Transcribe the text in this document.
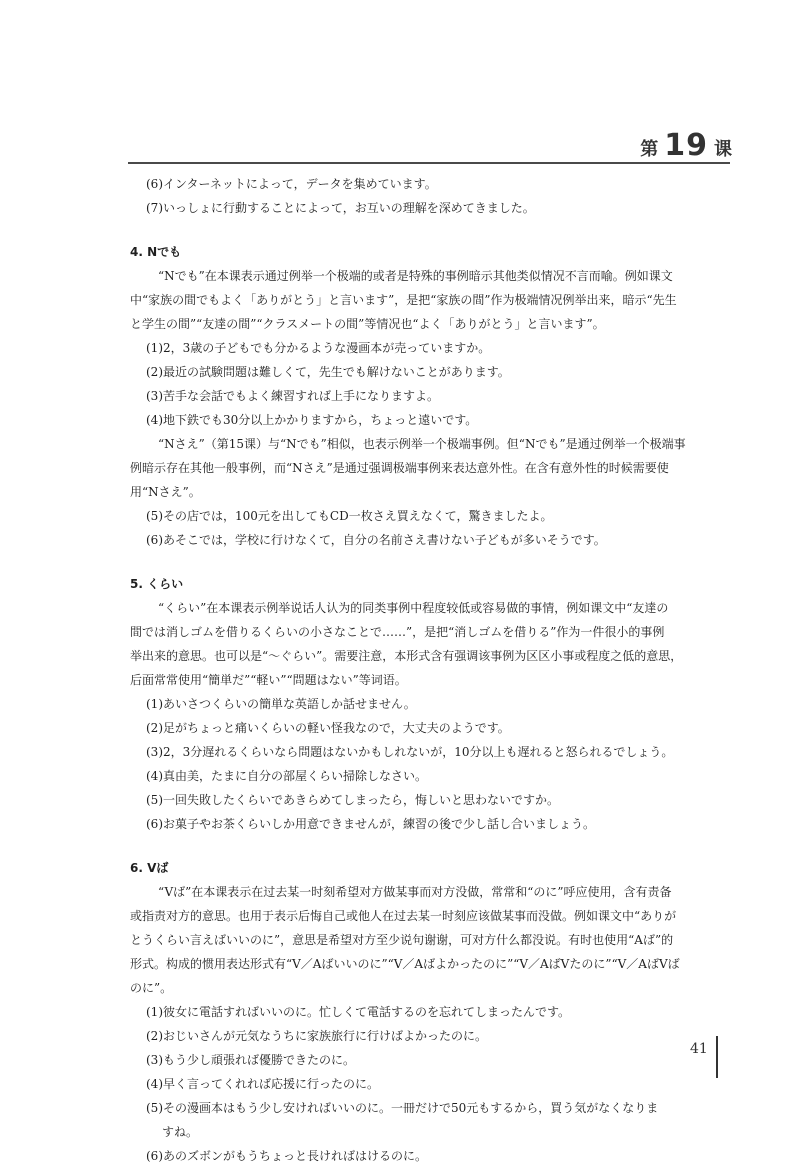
第 19 课

(6)インターネットによって，データを集めています。

(7)いっしょに行動することによって，お互いの理解を深めてきました。

4. Nでも

“Nでも”在本课表示通过例举一个极端的或者是特殊的事例暗示其他类似情况不言而喻。例如课文

中“家族の間でもよく「ありがとう」と言います”，是把“家族の間”作为极端情况例举出来，暗示“先生

と学生の間”“友達の間”“クラスメートの間”等情况也“よく「ありがとう」と言います”。

(1)2，3歳の子どもでも分かるような漫画本が売っていますか。

(2)最近の試験問題は難しくて，先生でも解けないことがあります。

(3)苦手な会話でもよく練習すれば上手になりますよ。

(4)地下鉄でも30分以上かかりますから，ちょっと遠いです。

“Nさえ”（第15课）与“Nでも”相似，也表示例举一个极端事例。但“Nでも”是通过例举一个极端事

例暗示存在其他一般事例，而“Nさえ”是通过强调极端事例来表达意外性。在含有意外性的时候需要使

用“Nさえ”。

(5)その店では，100元を出してもCD一枚さえ買えなくて，驚きましたよ。

(6)あそこでは，学校に行けなくて，自分の名前さえ書けない子どもが多いそうです。

5. くらい

“くらい”在本课表示例举说话人认为的同类事例中程度较低或容易做的事情，例如课文中“友達の

間では消しゴムを借りるくらいの小さなことで……”，是把“消しゴムを借りる”作为一件很小的事例

举出来的意思。也可以是“～ぐらい”。需要注意，本形式含有强调该事例为区区小事或程度之低的意思，

后面常常使用“簡単だ”“軽い”“問題はない”等词语。

(1)あいさつくらいの簡単な英語しか話せません。

(2)足がちょっと痛いくらいの軽い怪我なので，大丈夫のようです。

(3)2，3分遅れるくらいなら問題はないかもしれないが，10分以上も遅れると怒られるでしょう。

(4)真由美，たまに自分の部屋くらい掃除しなさい。

(5)一回失敗したくらいであきらめてしまったら，悔しいと思わないですか。

(6)お菓子やお茶くらいしか用意できませんが，練習の後で少し話し合いましょう。

6. Vば

“Vば”在本课表示在过去某一时刻希望对方做某事而对方没做，常常和“のに”呼应使用，含有责备

或指责对方的意思。也用于表示后悔自己或他人在过去某一时刻应该做某事而没做。例如课文中“ありが

とうくらい言えばいいのに”，意思是希望对方至少说句谢谢，可对方什么都没说。有时也使用“Aば”的

形式。构成的惯用表达形式有“V／Aばいいのに”“V／Aばよかったのに”“V／AばVたのに”“V／AばVば

のに”。

(1)彼女に電話すればいいのに。忙しくて電話するのを忘れてしまったんです。

(2)おじいさんが元気なうちに家族旅行に行けばよかったのに。

(3)もう少し頑張れば優勝できたのに。

(4)早く言ってくれれば応援に行ったのに。

(5)その漫画本はもう少し安ければいいのに。一冊だけで50元もするから，買う気がなくなりま

すね。

(6)あのズボンがもうちょっと長ければはけるのに。

41
